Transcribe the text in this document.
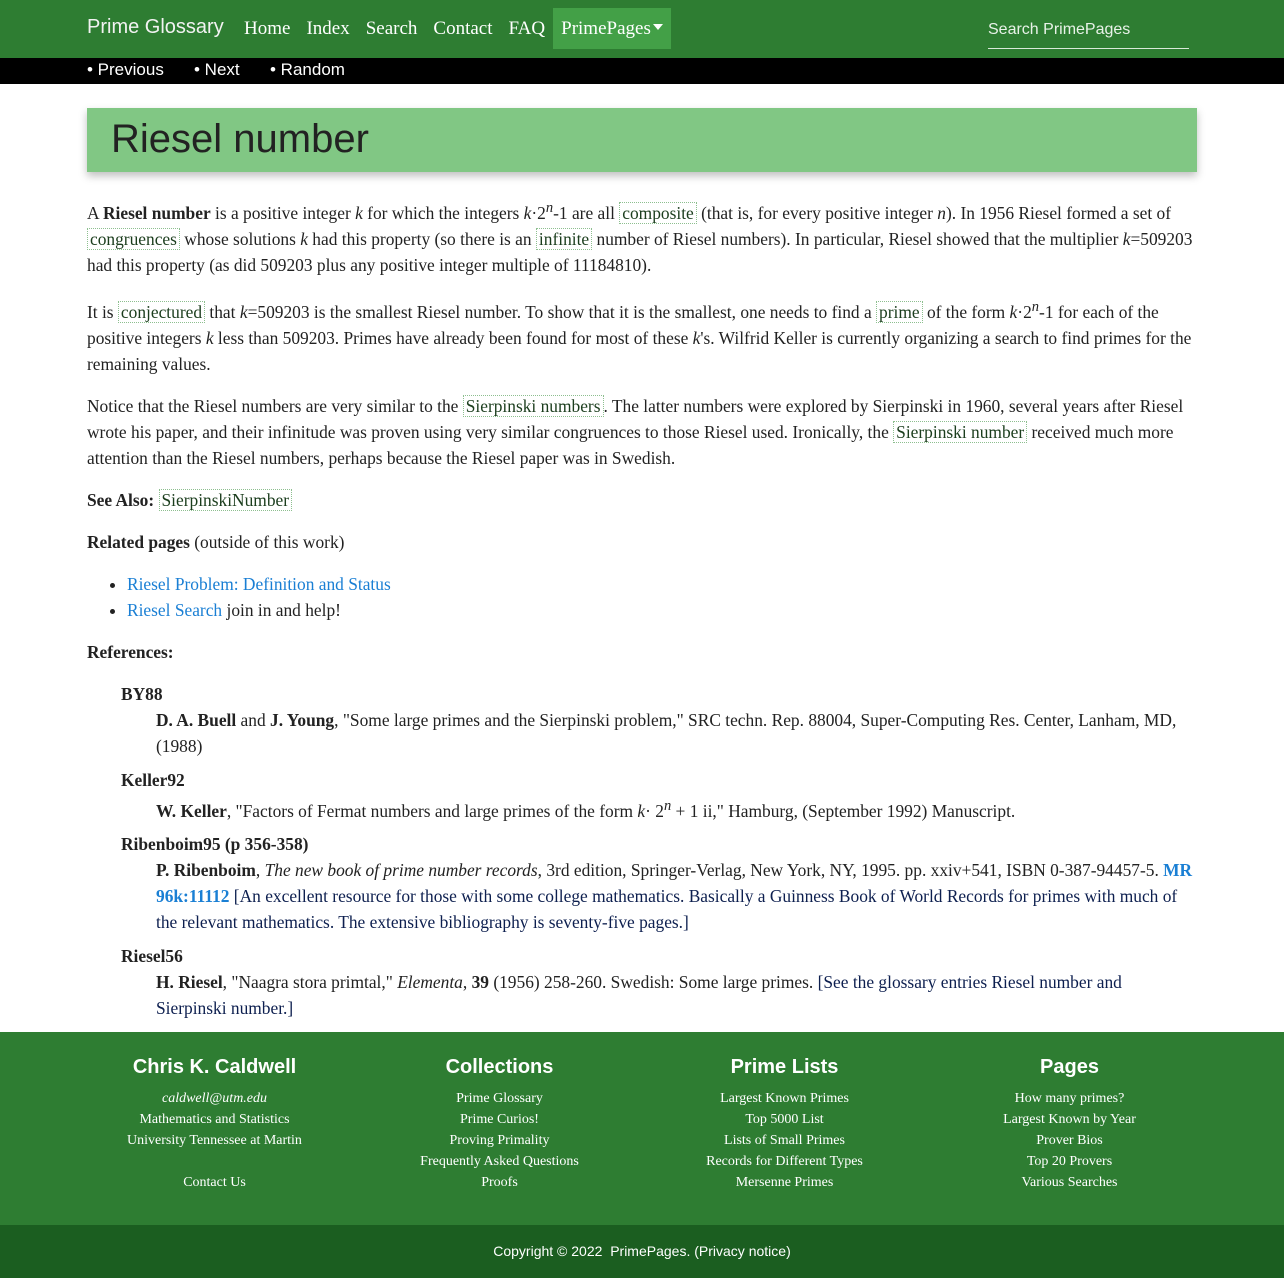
Prime Glossary	Home Index Search Contact FAQ PrimePages
Search PrimePages
• Previous • Next • Random
Riesel number

A Riesel number is a positive integer k for which the integers $k\cdot 2^n-1$ are all composite (that is, for every positive integer n). In 1956 Riesel formed a set of congruences whose solutions k had this property (so there is an infinite number of Riesel numbers). In particular, Riesel showed that the multiplier k=509203 had this property (as did 509203 plus any positive integer multiple of 11184810).

It is conjectured that k=509203 is the smallest Riesel number. To show that it is the smallest, one needs to find a prime of the form $k\cdot 2^n-1$ for each of the positive integers k less than 509203. Primes have already been found for most of these k's. Wilfrid Keller is currently organizing a search to find primes for the remaining values.

Notice that the Riesel numbers are very similar to the Sierpinski numbers . The latter numbers were explored by Sierpinski in 1960, several years after Riesel wrote his paper, and their infinitude was proven using very similar congruences to those Riesel used. Ironically, the Sierpinski number received much more attention than the Riesel numbers, perhaps because the Riesel paper was in Swedish.

See Also: SierpinskiNumber

Related pages (outside of this work)

• Riesel Problem: Definition and Status
• Riesel Search join in and help!

References:

BY88
D. A. Buell and J. Young, "Some large primes and the Sierpinski problem," SRC techn. Rep. 88004, Super-Computing Res. Center, Lanham, MD, (1988)
Keller92
W. Keller, "Factors of Fermat numbers and large primes of the form $k\cdot 2^n + 1$ ii," Hamburg, (September 1992) Manuscript.
Ribenboim95 (p 356-358)
P. Ribenboim, The new book of prime number records, 3rd edition, Springer-Verlag, New York, NY, 1995. pp. xxiv+541, ISBN 0-387-94457-5. MR 96k:11112 [An excellent resource for those with some college mathematics. Basically a Guinness Book of World Records for primes with much of the relevant mathematics. The extensive bibliography is seventy-five pages.]
Riesel56
H. Riesel, "Naagra stora primtal," Elementa, 39 (1956) 258-260. Swedish: Some large primes. [See the glossary entries Riesel number and Sierpinski number.]
Chris K. Caldwell
caldwell@utm.edu
Mathematics and Statistics
University Tennessee at Martin

Contact Us
Collections
Prime Glossary
Prime Curios!
Proving Primality
Frequently Asked Questions
Proofs
Prime Lists
Largest Known Primes
Top 5000 List
Lists of Small Primes
Records for Different Types
Mersenne Primes
Pages
How many primes?
Largest Known by Year
Prover Bios
Top 20 Provers
Various Searches
Copyright © 2022 PrimePages. (Privacy notice)
